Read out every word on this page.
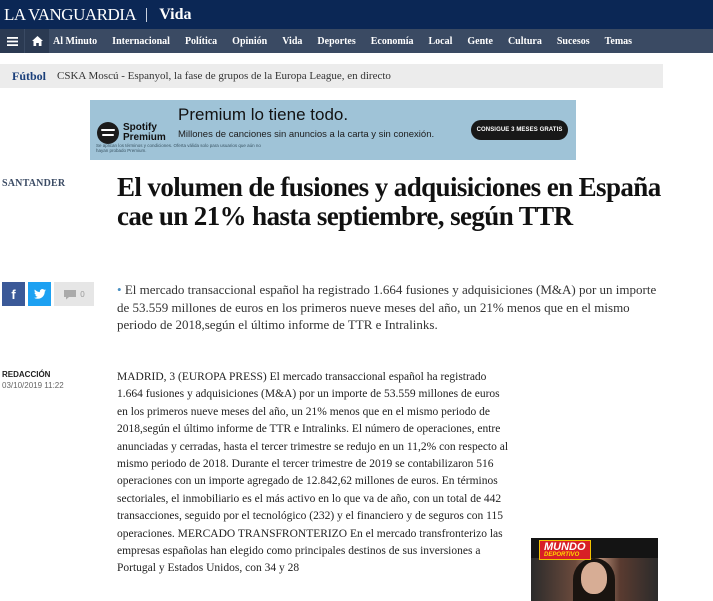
LA VANGUARDIA Vida
Al Minuto Internacional Política Opinión Vida Deportes Economía Local Gente Cultura Sucesos Temas
Fútbol CSKA Moscú - Espanyol, la fase de grupos de la Europa League, en directo
Spotify
Premium
Premium lo tiene todo.
Millones de canciones sin anuncios a la carta y sin conexión.
Se aplican los términos y condiciones. Oferta válida solo para usuarios que aún no hayan probado Premium.
CONSIGUE 3 MESES GRATIS
SANTANDER El volumen de fusiones y adquisiciones en España cae un 21% hasta septiembre, según TTR
f	0 • El mercado transaccional español ha registrado 1.664 fusiones y adquisiciones (M&A) por un importe de 53.559 millones de euros en los primeros nueve meses del año, un 21% menos que en el mismo periodo de 2018,según el último informe de TTR e Intralinks.

REDACCIÓN
03/10/2019 11:22
MADRID, 3 (EUROPA PRESS) El mercado transaccional español ha registrado 1.664 fusiones y adquisiciones (M&A) por un importe de 53.559 millones de euros en los primeros nueve meses del año, un 21% menos que en el mismo periodo de 2018,según el último informe de TTR e Intralinks. El número de operaciones, entre anunciadas y cerradas, hasta el tercer trimestre se redujo en un 11,2% con respecto al mismo periodo de 2018. Durante el tercer trimestre de 2019 se contabilizaron 516 operaciones con un importe agregado de 12.842,62 millones de euros. En términos sectoriales, el inmobiliario es el más activo en lo que va de año, con un total de 442 transacciones, seguido por el tecnológico (232) y el financiero y de seguros con 115 operaciones. MERCADO TRANSFRONTERIZO En el mercado transfronterizo las empresas españolas han elegido como principales destinos de sus inversiones a Portugal y Estados Unidos, con 34 y 28
MUNDO
DEPORTIVO
